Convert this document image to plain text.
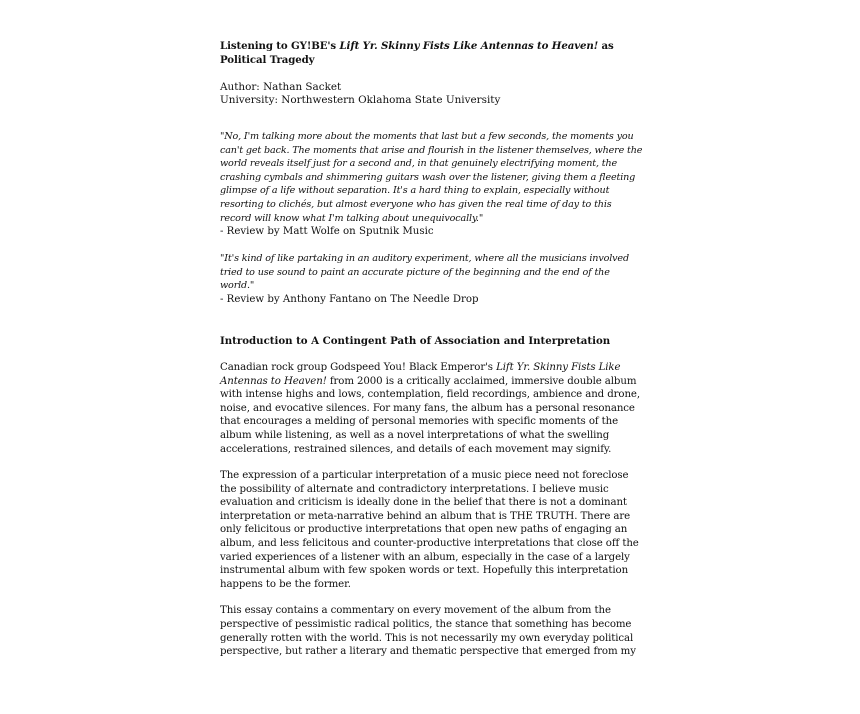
Listening to GY!BE's Lift Yr. Skinny Fists Like Antennas to Heaven! as Political Tragedy
Author: Nathan Sacket
University: Northwestern Oklahoma State University

"No, I'm talking more about the moments that last but a few seconds, the moments you can't get back. The moments that arise and flourish in the listener themselves, where the world reveals itself just for a second and, in that genuinely electrifying moment, the crashing cymbals and shimmering guitars wash over the listener, giving them a fleeting glimpse of a life without separation. It's a hard thing to explain, especially without resorting to clichés, but almost everyone who has given the real time of day to this record will know what I'm talking about unequivocally."

- Review by Matt Wolfe on Sputnik Music

"It's kind of like partaking in an auditory experiment, where all the musicians involved tried to use sound to paint an accurate picture of the beginning and the end of the world."

- Review by Anthony Fantano on The Needle Drop

Introduction to A Contingent Path of Association and Interpretation

Canadian rock group Godspeed You! Black Emperor's Lift Yr. Skinny Fists Like Antennas to Heaven! from 2000 is a critically acclaimed, immersive double album with intense highs and lows, contemplation, field recordings, ambience and drone, noise, and evocative silences. For many fans, the album has a personal resonance that encourages a melding of personal memories with specific moments of the album while listening, as well as a novel interpretations of what the swelling accelerations, restrained silences, and details of each movement may signify.

The expression of a particular interpretation of a music piece need not foreclose the possibility of alternate and contradictory interpretations. I believe music evaluation and criticism is ideally done in the belief that there is not a dominant interpretation or meta-narrative behind an album that is THE TRUTH. There are only felicitous or productive interpretations that open new paths of engaging an album, and less felicitous and counter-productive interpretations that close off the varied experiences of a listener with an album, especially in the case of a largely instrumental album with few spoken words or text. Hopefully this interpretation happens to be the former.

This essay contains a commentary on every movement of the album from the perspective of pessimistic radical politics, the stance that something has become generally rotten with the world. This is not necessarily my own everyday political perspective, but rather a literary and thematic perspective that emerged from my
